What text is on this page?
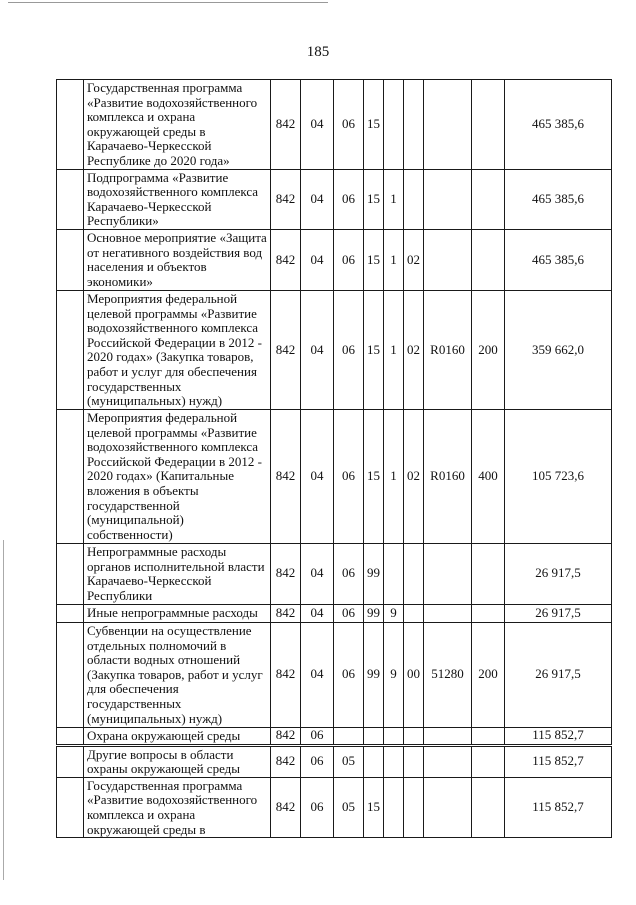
185
	Государственная программа «Развитие водохозяйственного комплекса и охрана окружающей среды в Карачаево-Черкесской Республике до 2020 года»	842	04	06	15					465 385,6
	Подпрограмма «Развитие водохозяйственного комплекса Карачаево-Черкесской Республики»	842	04	06	15	1				465 385,6
	Основное мероприятие «Защита от негативного воздействия вод населения и объектов экономики»	842	04	06	15	1	02			465 385,6
	Мероприятия федеральной целевой программы «Развитие водохозяйственного комплекса Российской Федерации в 2012 - 2020 годах» (Закупка товаров, работ и услуг для обеспечения государственных (муниципальных) нужд)	842	04	06	15	1	02	R0160	200	359 662,0
	Мероприятия федеральной целевой программы «Развитие водохозяйственного комплекса Российской Федерации в 2012 - 2020 годах» (Капитальные вложения в объекты государственной (муниципальной) собственности)	842	04	06	15	1	02	R0160	400	105 723,6
	Непрограммные расходы органов исполнительной власти Карачаево-Черкесской Республики	842	04	06	99					26 917,5
	Иные непрограммные расходы	842	04	06	99	9				26 917,5
	Субвенции на осуществление отдельных полномочий в области водных отношений (Закупка товаров, работ и услуг для обеспечения государственных (муниципальных) нужд)	842	04	06	99	9	00	51280	200	26 917,5
	Охрана окружающей среды	842	06							115 852,7
	Другие вопросы в области охраны окружающей среды	842	06	05						115 852,7
	Государственная программа «Развитие водохозяйственного комплекса и охрана окружающей среды в	842	06	05	15					115 852,7
